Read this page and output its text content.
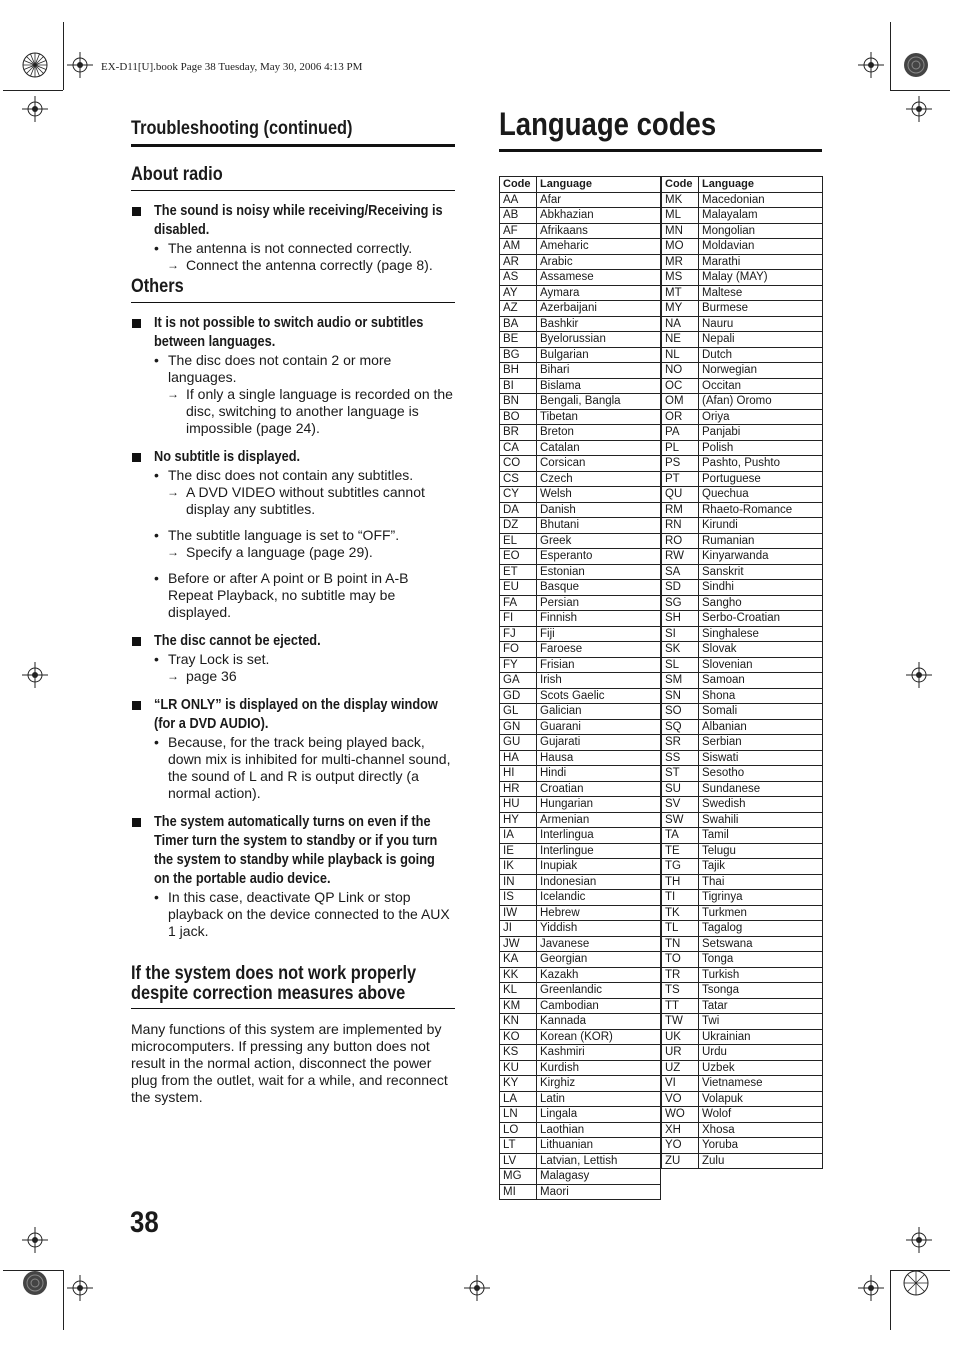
EX-D11[U].book Page 38 Tuesday, May 30, 2006 4:13 PM
Troubleshooting (continued)
About radio
The sound is noisy while receiving/Receiving is disabled.
• The antenna is not connected correctly.
→ Connect the antenna correctly (page 8).
Others
It is not possible to switch audio or subtitles between languages.
• The disc does not contain 2 or more languages.
→ If only a single language is recorded on the disc, switching to another language is impossible (page 24).
No subtitle is displayed.
• The disc does not contain any subtitles.
→ A DVD VIDEO without subtitles cannot display any subtitles.
• The subtitle language is set to “OFF”.
→ Specify a language (page 29).
• Before or after A point or B point in A-B Repeat Playback, no subtitle may be displayed.
The disc cannot be ejected.
• Tray Lock is set.
→ page 36
“LR ONLY” is displayed on the display window (for a DVD AUDIO).
• Because, for the track being played back, down mix is inhibited for multi-channel sound, the sound of L and R is output directly (a normal action).
The system automatically turns on even if the Timer turn the system to standby or if you turn the system to standby while playback is going on the portable audio device.
• In this case, deactivate QP Link or stop playback on the device connected to the AUX 1 jack.
If the system does not work properly
despite correction measures above
Many functions of this system are implemented by microcomputers. If pressing any button does not result in the normal action, disconnect the power plug from the outlet, wait for a while, and reconnect the system.
Language codes
Code	Language
AA	Afar
AB	Abkhazian
AF	Afrikaans
AM	Ameharic
AR	Arabic
AS	Assamese
AY	Aymara
AZ	Azerbaijani
BA	Bashkir
BE	Byelorussian
BG	Bulgarian
BH	Bihari
BI	Bislama
BN	Bengali, Bangla
BO	Tibetan
BR	Breton
CA	Catalan
CO	Corsican
CS	Czech
CY	Welsh
DA	Danish
DZ	Bhutani
EL	Greek
EO	Esperanto
ET	Estonian
EU	Basque
FA	Persian
FI	Finnish
FJ	Fiji
FO	Faroese
FY	Frisian
GA	Irish
GD	Scots Gaelic
GL	Galician
GN	Guarani
GU	Gujarati
HA	Hausa
HI	Hindi
HR	Croatian
HU	Hungarian
HY	Armenian
IA	Interlingua
IE	Interlingue
IK	Inupiak
IN	Indonesian
IS	Icelandic
IW	Hebrew
JI	Yiddish
JW	Javanese
KA	Georgian
KK	Kazakh
KL	Greenlandic
KM	Cambodian
KN	Kannada
KO	Korean (KOR)
KS	Kashmiri
KU	Kurdish
KY	Kirghiz
LA	Latin
LN	Lingala
LO	Laothian
LT	Lithuanian
LV	Latvian, Lettish
MG	Malagasy
MI	Maori
Code	Language
MK	Macedonian
ML	Malayalam
MN	Mongolian
MO	Moldavian
MR	Marathi
MS	Malay (MAY)
MT	Maltese
MY	Burmese
NA	Nauru
NE	Nepali
NL	Dutch
NO	Norwegian
OC	Occitan
OM	(Afan) Oromo
OR	Oriya
PA	Panjabi
PL	Polish
PS	Pashto, Pushto
PT	Portuguese
QU	Quechua
RM	Rhaeto-Romance
RN	Kirundi
RO	Rumanian
RW	Kinyarwanda
SA	Sanskrit
SD	Sindhi
SG	Sangho
SH	Serbo-Croatian
SI	Singhalese
SK	Slovak
SL	Slovenian
SM	Samoan
SN	Shona
SO	Somali
SQ	Albanian
SR	Serbian
SS	Siswati
ST	Sesotho
SU	Sundanese
SV	Swedish
SW	Swahili
TA	Tamil
TE	Telugu
TG	Tajik
TH	Thai
TI	Tigrinya
TK	Turkmen
TL	Tagalog
TN	Setswana
TO	Tonga
TR	Turkish
TS	Tsonga
TT	Tatar
TW	Twi
UK	Ukrainian
UR	Urdu
UZ	Uzbek
VI	Vietnamese
VO	Volapuk
WO	Wolof
XH	Xhosa
YO	Yoruba
ZU	Zulu
38
